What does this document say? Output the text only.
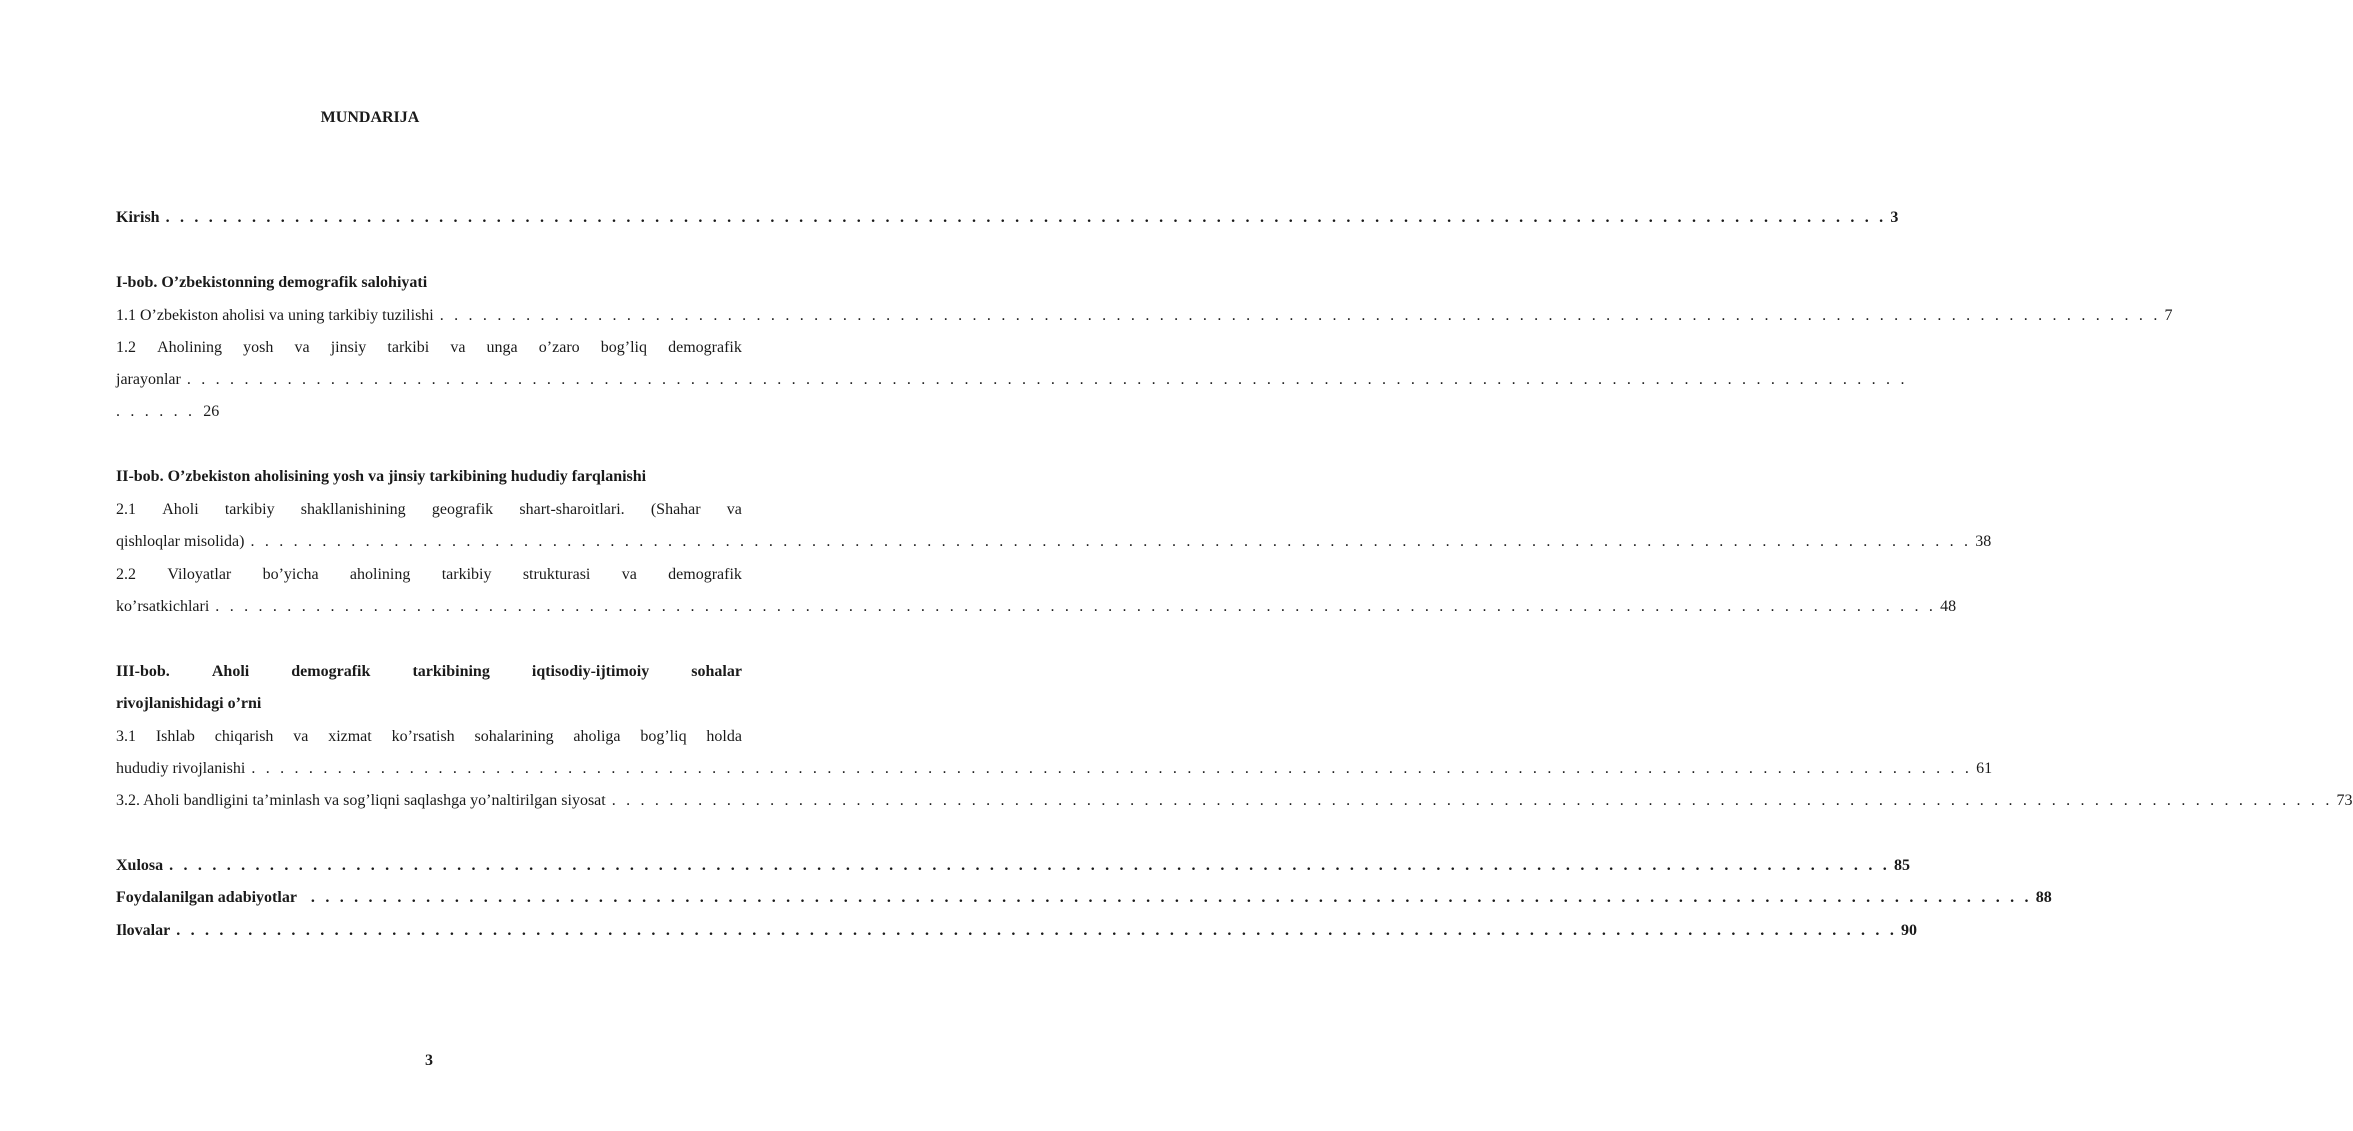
MUNDARIJA
Kirish . . . . . . . . . . . . . . . . . . . . . . . . . . . . . . . . . . . . . . . . . . . . . . . . . . . . . . . . . . . . . . . . . . . . . . . . . . . . . . . . . . . . . . . . . . . . . . . . . . . . . . . . . . . . . . . . . . . . . . . . 3
I-bob. O’zbekistonning demografik salohiyati
1.1 O’zbekiston aholisi va uning tarkibiy tuzilishi . . . . . . . . . . . . . . . . . . . . . . . . . . . . . . . . . . . . . . . . . . . . . . . . . . . . . . . . . . . . . . . . . . . . . . . . . . . . . . . . . . . . . . . . . . . . . . . . . . . . . . . . . . . . . . . . . . . . . . . . 7
1.2 Aholining yosh va jinsiy tarkibi va unga o’zaro bog’liq demografik
jarayonlar . . . . . . . . . . . . . . . . . . . . . . . . . . . . . . . . . . . . . . . . . . . . . . . . . . . . . . . . . . . . . . . . . . . . . . . . . . . . . . . . . . . . . . . . . . . . . . . . . . . . . . . . . . . . . . . . . . . . . . . .
. . . . . . 26
II-bob. O’zbekiston aholisining yosh va jinsiy tarkibining hududiy farqlanishi
2.1 Aholi tarkibiy shakllanishining geografik shart-sharoitlari. (Shahar va
qishloqlar misolida) . . . . . . . . . . . . . . . . . . . . . . . . . . . . . . . . . . . . . . . . . . . . . . . . . . . . . . . . . . . . . . . . . . . . . . . . . . . . . . . . . . . . . . . . . . . . . . . . . . . . . . . . . . . . . . . . . . . . . . . . 38
2.2 Viloyatlar bo’yicha aholining tarkibiy strukturasi va demografik
ko’rsatkichlari . . . . . . . . . . . . . . . . . . . . . . . . . . . . . . . . . . . . . . . . . . . . . . . . . . . . . . . . . . . . . . . . . . . . . . . . . . . . . . . . . . . . . . . . . . . . . . . . . . . . . . . . . . . . . . . . . . . . . . . . 48
III-bob.	Aholi	demografik	tarkibining	iqtisodiy-ijtimoiy	sohalar
rivojlanishidagi o’rni
3.1 Ishlab chiqarish va xizmat ko’rsatish sohalarining aholiga bog’liq holda
hududiy rivojlanishi . . . . . . . . . . . . . . . . . . . . . . . . . . . . . . . . . . . . . . . . . . . . . . . . . . . . . . . . . . . . . . . . . . . . . . . . . . . . . . . . . . . . . . . . . . . . . . . . . . . . . . . . . . . . . . . . . . . . . . . . 61
3.2. Aholi bandligini ta’minlash va sog’liqni saqlashga yo’naltirilgan siyosat . . . . . . . . . . . . . . . . . . . . . . . . . . . . . . . . . . . . . . . . . . . . . . . . . . . . . . . . . . . . . . . . . . . . . . . . . . . . . . . . . . . . . . . . . . . . . . . . . . . . . . . . . . . . . . . . . . . . . . . . 73
Xulosa . . . . . . . . . . . . . . . . . . . . . . . . . . . . . . . . . . . . . . . . . . . . . . . . . . . . . . . . . . . . . . . . . . . . . . . . . . . . . . . . . . . . . . . . . . . . . . . . . . . . . . . . . . . . . . . . . . . . . . . . 85
Foydalanilgan adabiyotlar . . . . . . . . . . . . . . . . . . . . . . . . . . . . . . . . . . . . . . . . . . . . . . . . . . . . . . . . . . . . . . . . . . . . . . . . . . . . . . . . . . . . . . . . . . . . . . . . . . . . . . . . . . . . . . . . . . . . . . . . 88
Ilovalar . . . . . . . . . . . . . . . . . . . . . . . . . . . . . . . . . . . . . . . . . . . . . . . . . . . . . . . . . . . . . . . . . . . . . . . . . . . . . . . . . . . . . . . . . . . . . . . . . . . . . . . . . . . . . . . . . . . . . . . . 90
3
